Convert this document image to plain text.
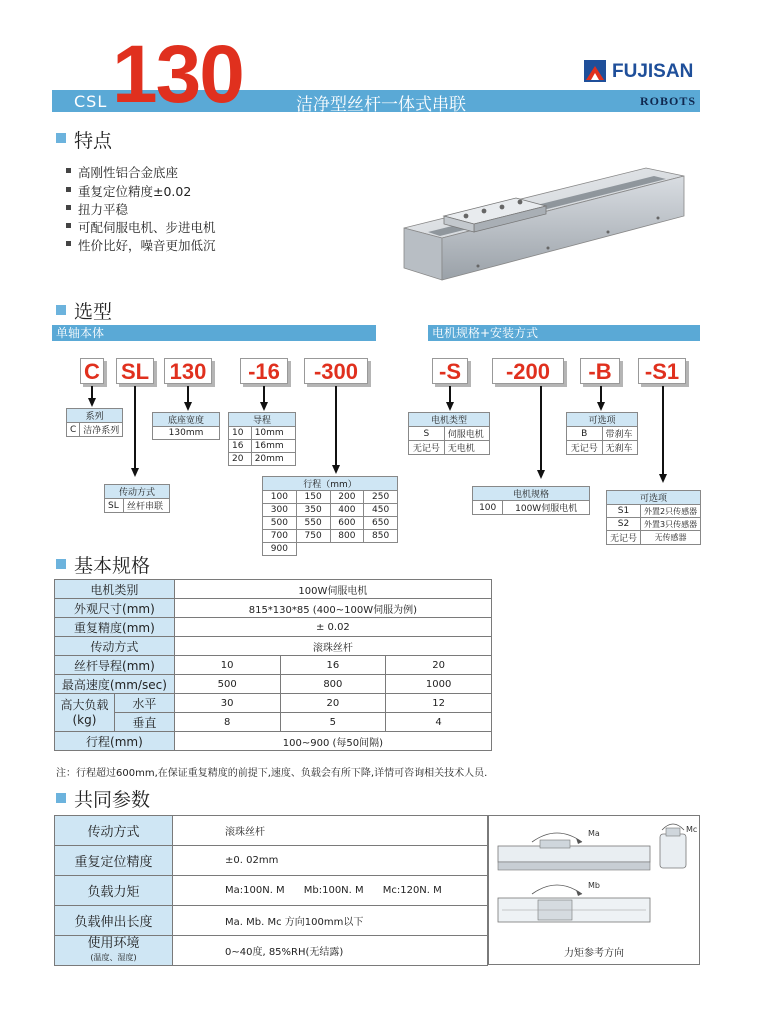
CSL 130	洁净型丝杆一体式串联
FUJISAN
ROBOTS
特点
高刚性铝合金底座
重复定位精度±0.02
扭力平稳
可配伺服电机、步进电机
性价比好，噪音更加低沉
选型
单轴本体	电机规格+安装方式
C SL 130	-16	-300	-S	-200	-B	-S1
系列
C	洁净系列
底座宽度
130mm
导程	
10	10mm
16	16mm
20	20mm
传动方式
SL	丝杆串联
行程（mm）			
100	150	200	250
300	350	400	450
500	550	600	650
700	750	800	850
900			
电机类型	
S	伺服电机
无记号	无电机
电机规格
100	100W伺服电机
可选项	
B	带刹车
无记号	无刹车
可选项	
S1	外置2只传感器
S2	外置3只传感器
无记号	无传感器
基本规格
电机类别		100W伺服电机		
外观尺寸(mm)		815*130*85 (400~100W伺服为例)		
重复精度(mm)		± 0.02		
传动方式		滚珠丝杆		
丝杆导程(mm)		10	16	20
最高速度(mm/sec)		500	800	1000
高大负载
(kg)	水平	30	20	12
	垂直	8	5	4
行程(mm)		100~900 (每50间隔)		
注：行程超过600mm,在保证重复精度的前提下,速度、负载会有所下降,详情可咨询相关技术人员.
共同参数
传动方式	滚珠丝杆
重复定位精度	±0. 02mm
负载力矩	Ma:100N. M      Mb:100N. M      Mc:120N. M
负载伸出长度	Ma. Mb. Mc 方向100mm以下
使用环境
(温度、湿度)	0~40度, 85%RH(无结露)
Ma	Mc
Mb
力矩参考方向
